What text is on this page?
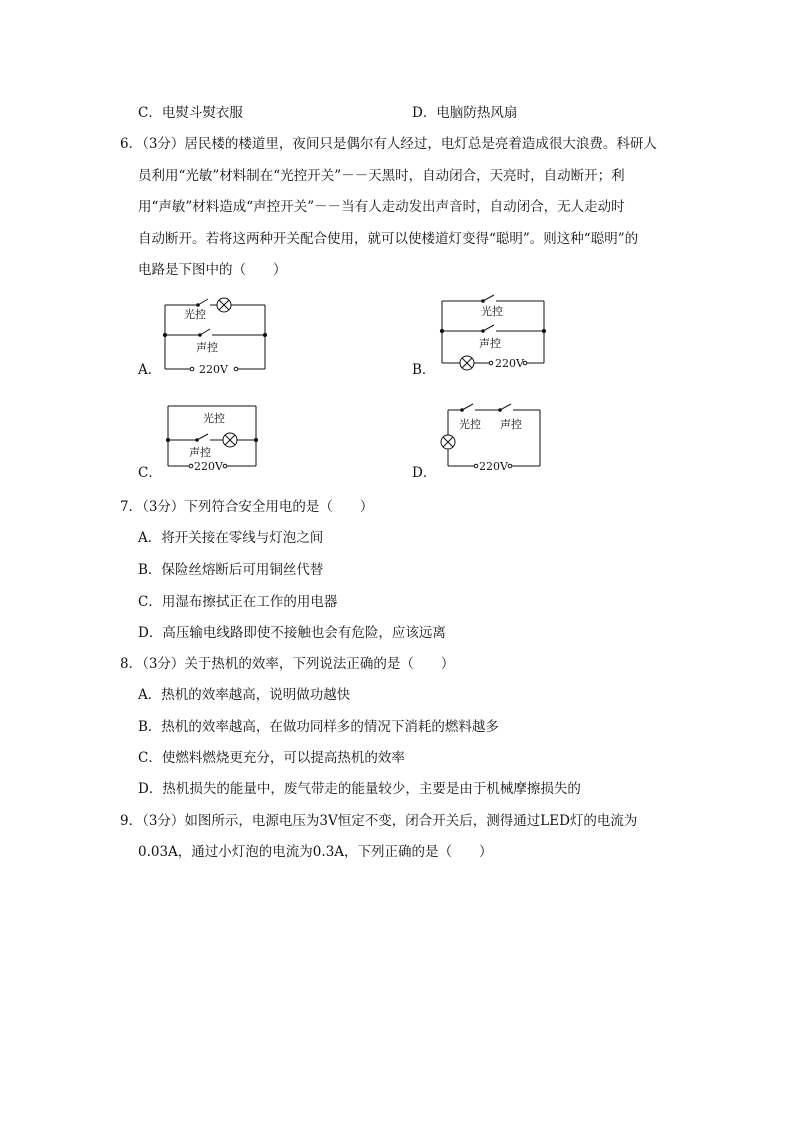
C．电熨斗熨衣服	D．电脑防热风扇
6．（3分）居民楼的楼道里，夜间只是偶尔有人经过，电灯总是亮着造成很大浪费。科研人
员利用“光敏”材料制在“光控开关”－－天黑时，自动闭合，天亮时，自动断开；利
用“声敏”材料造成“声控开关”－－当有人走动发出声音时，自动闭合，无人走动时
自动断开。若将这两种开关配合使用，就可以使楼道灯变得“聪明”。则这种“聪明”的
电路是下图中的（　　）
A．
光控
声控
220V	B．
光控
声控
220V
C．
光控
声控
220V	D．
光控 声控
220V
7．（3分）下列符合安全用电的是（　　）
A．将开关接在零线与灯泡之间
B．保险丝熔断后可用铜丝代替
C．用湿布擦拭正在工作的用电器
D．高压输电线路即使不接触也会有危险，应该远离
8．（3分）关于热机的效率，下列说法正确的是（　　）
A．热机的效率越高，说明做功越快
B．热机的效率越高，在做功同样多的情况下消耗的燃料越多
C．使燃料燃烧更充分，可以提高热机的效率
D．热机损失的能量中，废气带走的能量较少，主要是由于机械摩擦损失的
9．（3分）如图所示，电源电压为3V恒定不变，闭合开关后，测得通过LED灯的电流为
0.03A，通过小灯泡的电流为0.3A，下列正确的是（　　）
